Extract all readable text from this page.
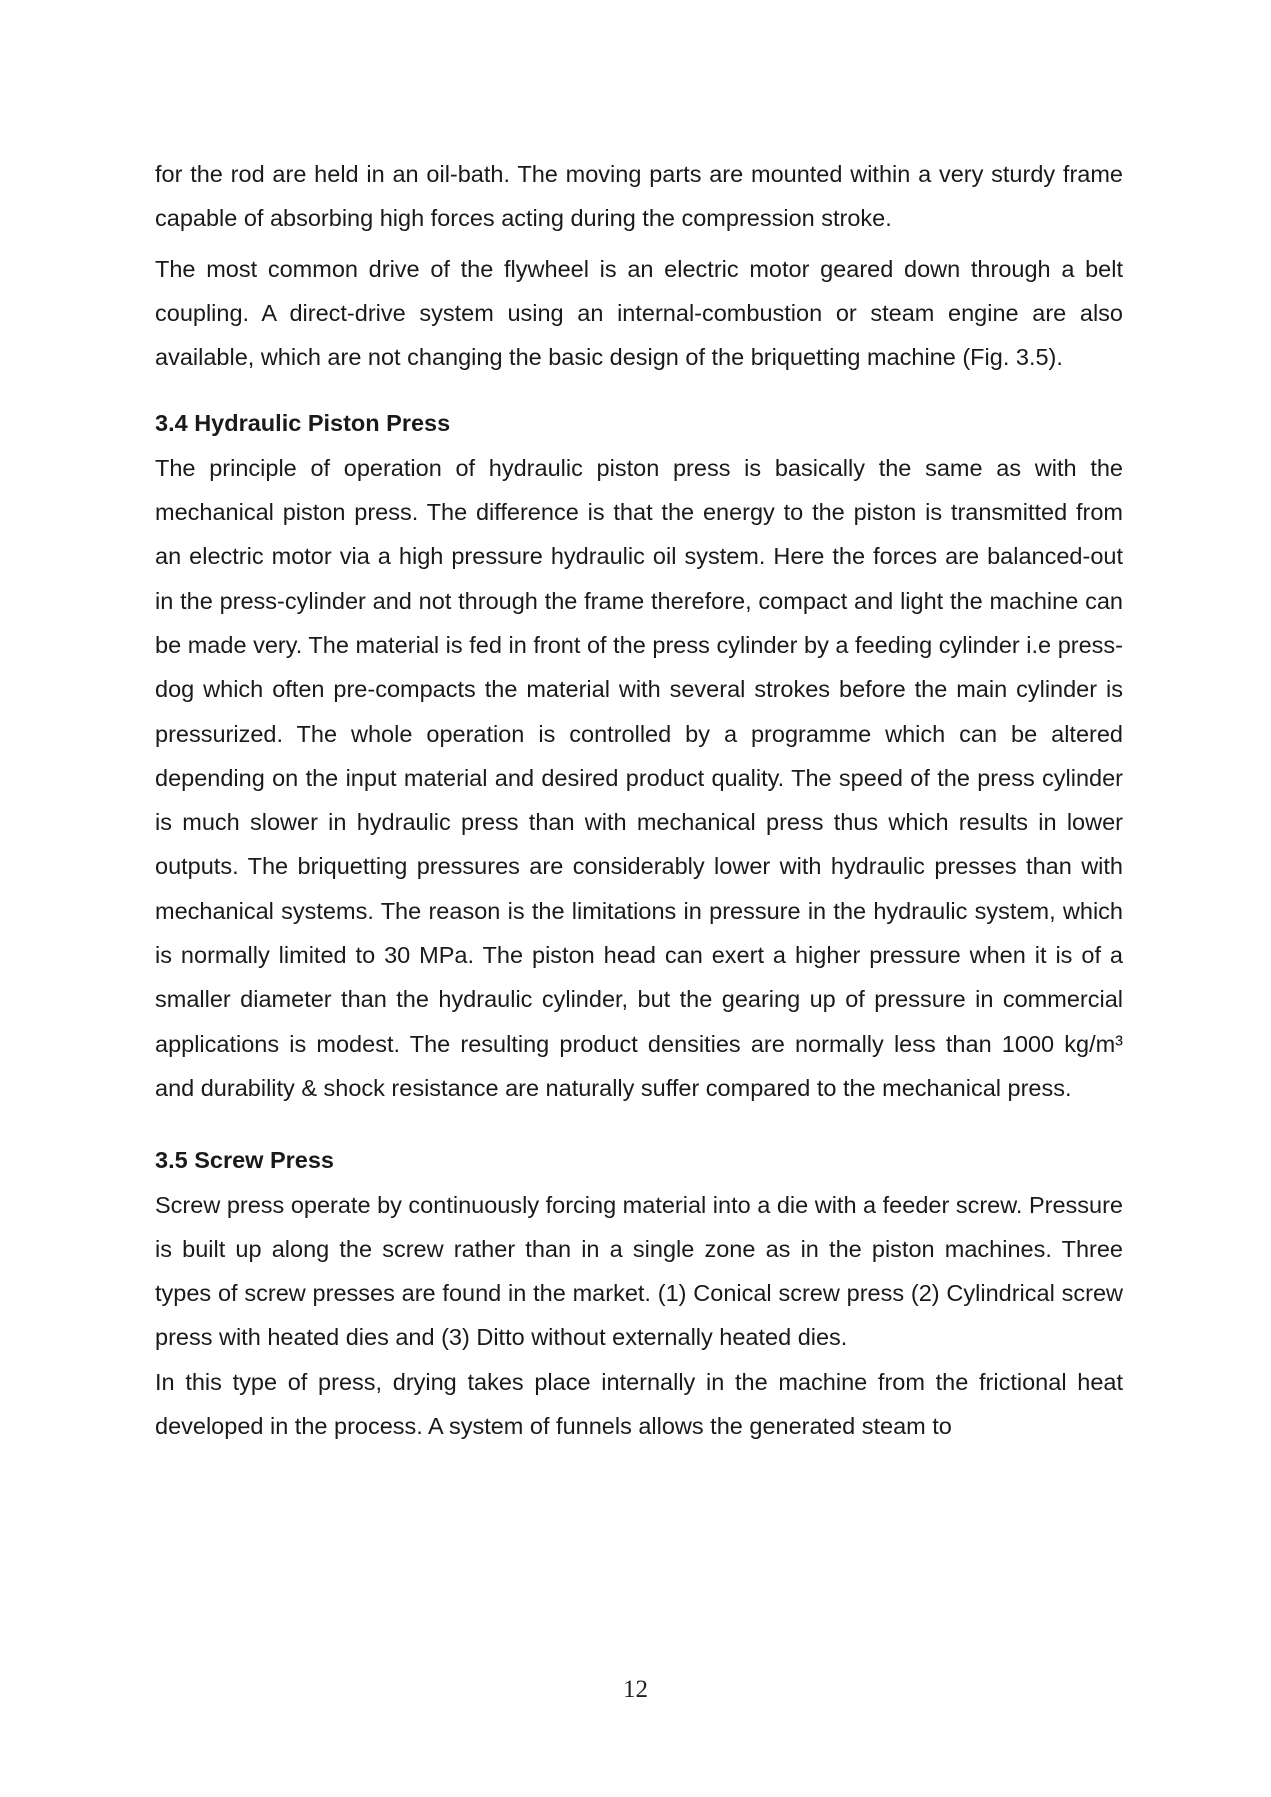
for the rod are held in an oil-bath. The moving parts are mounted within a very sturdy frame capable of absorbing high forces acting during the compression stroke.

The most common drive of the flywheel is an electric motor geared down through a belt coupling. A direct-drive system using an internal-combustion or steam engine are also available, which are not changing the basic design of the briquetting machine (Fig. 3.5).

3.4 Hydraulic Piston Press

The principle of operation of hydraulic piston press is basically the same as with the mechanical piston press. The difference is that the energy to the piston is transmitted from an electric motor via a high pressure hydraulic oil system. Here the forces are balanced-out in the press-cylinder and not through the frame therefore, compact and light the machine can be made very. The material is fed in front of the press cylinder by a feeding cylinder i.e press-dog which often pre-compacts the material with several strokes before the main cylinder is pressurized. The whole operation is controlled by a programme which can be altered depending on the input material and desired product quality. The speed of the press cylinder is much slower in hydraulic press than with mechanical press thus which results in lower outputs. The briquetting pressures are considerably lower with hydraulic presses than with mechanical systems. The reason is the limitations in pressure in the hydraulic system, which is normally limited to 30 MPa. The piston head can exert a higher pressure when it is of a smaller diameter than the hydraulic cylinder, but the gearing up of pressure in commercial applications is modest. The resulting product densities are normally less than 1000 kg/m³ and durability & shock resistance are naturally suffer compared to the mechanical press.

3.5 Screw Press

Screw press operate by continuously forcing material into a die with a feeder screw. Pressure is built up along the screw rather than in a single zone as in the piston machines. Three types of screw presses are found in the market. (1) Conical screw press (2) Cylindrical screw press with heated dies and (3) Ditto without externally heated dies.

In this type of press, drying takes place internally in the machine from the frictional heat developed in the process. A system of funnels allows the generated steam to

12
